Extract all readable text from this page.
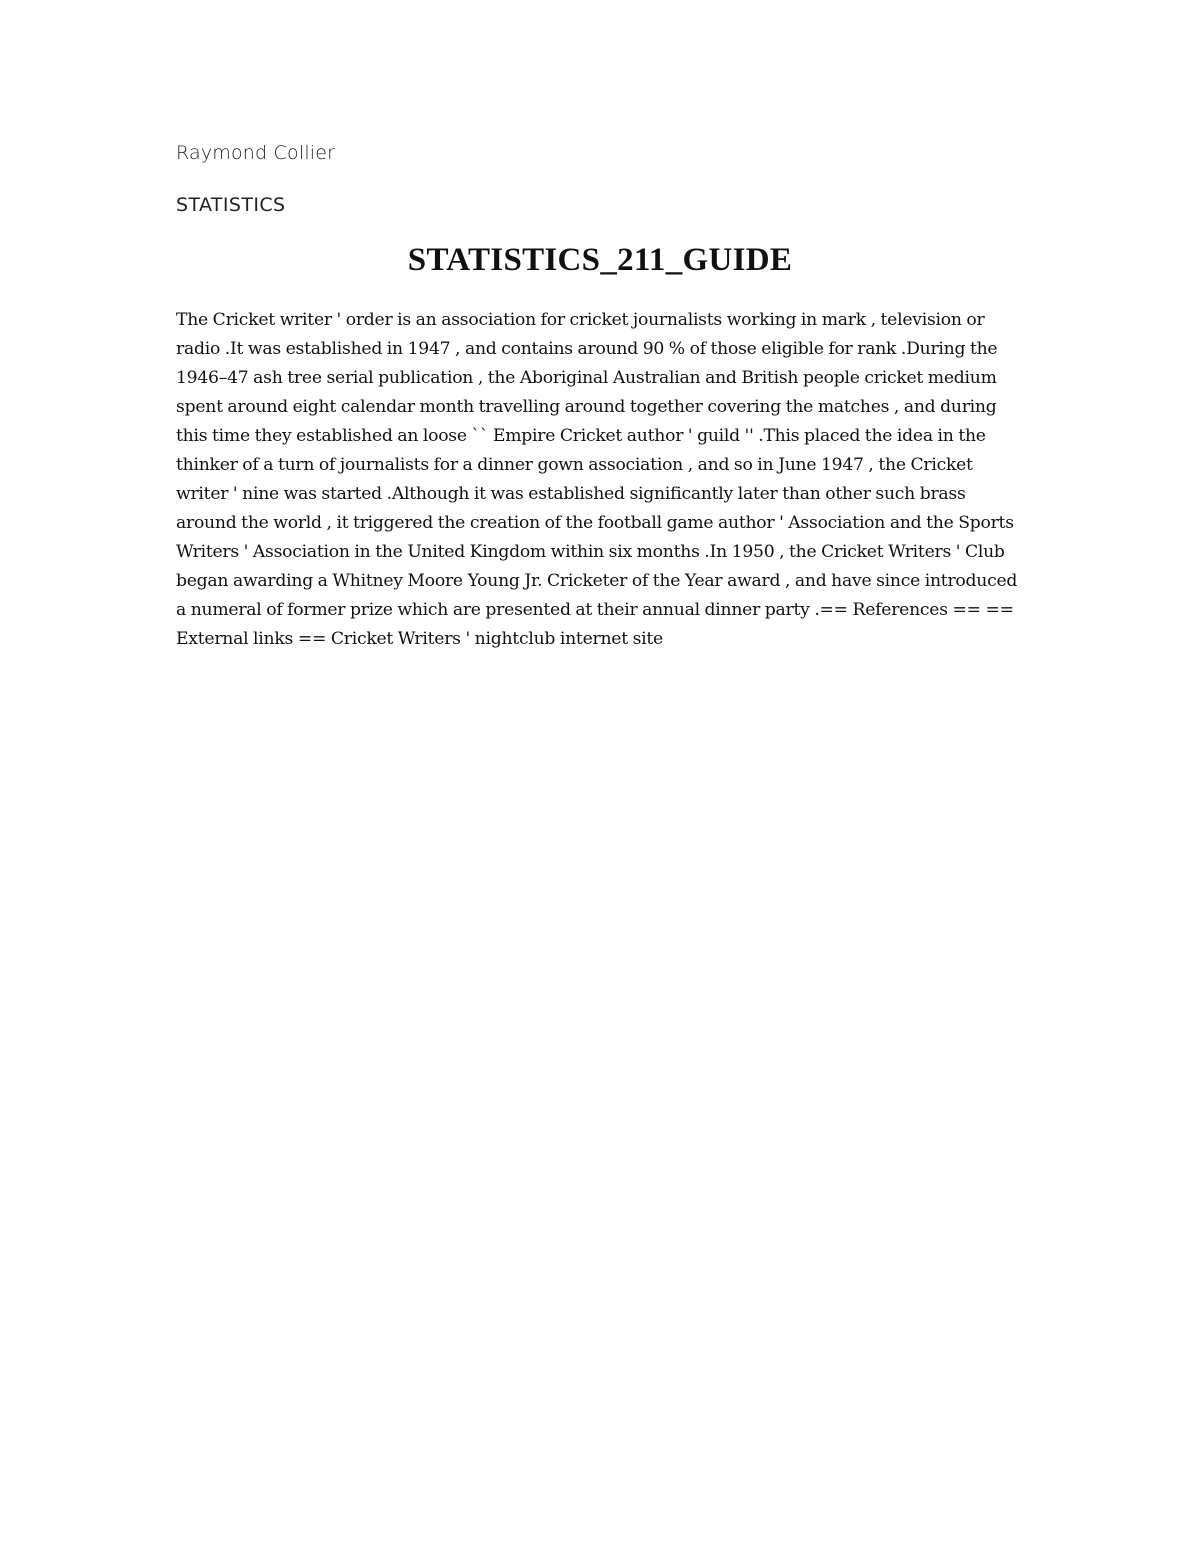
Raymond Collier
STATISTICS
STATISTICS_211_GUIDE

The Cricket writer ' order is an association for cricket journalists working in mark , television or radio .It was established in 1947 , and contains around 90 % of those eligible for rank .During the 1946–47 ash tree serial publication , the Aboriginal Australian and British people cricket medium spent around eight calendar month travelling around together covering the matches , and during this time they established an loose `` Empire Cricket author ' guild '' .This placed the idea in the thinker of a turn of journalists for a dinner gown association , and so in June 1947 , the Cricket writer ' nine was started .Although it was established significantly later than other such brass around the world , it triggered the creation of the football game author ' Association and the Sports Writers ' Association in the United Kingdom within six months .In 1950 , the Cricket Writers ' Club began awarding a Whitney Moore Young Jr. Cricketer of the Year award , and have since introduced a numeral of former prize which are presented at their annual dinner party .== References == == External links == Cricket Writers ' nightclub internet site
